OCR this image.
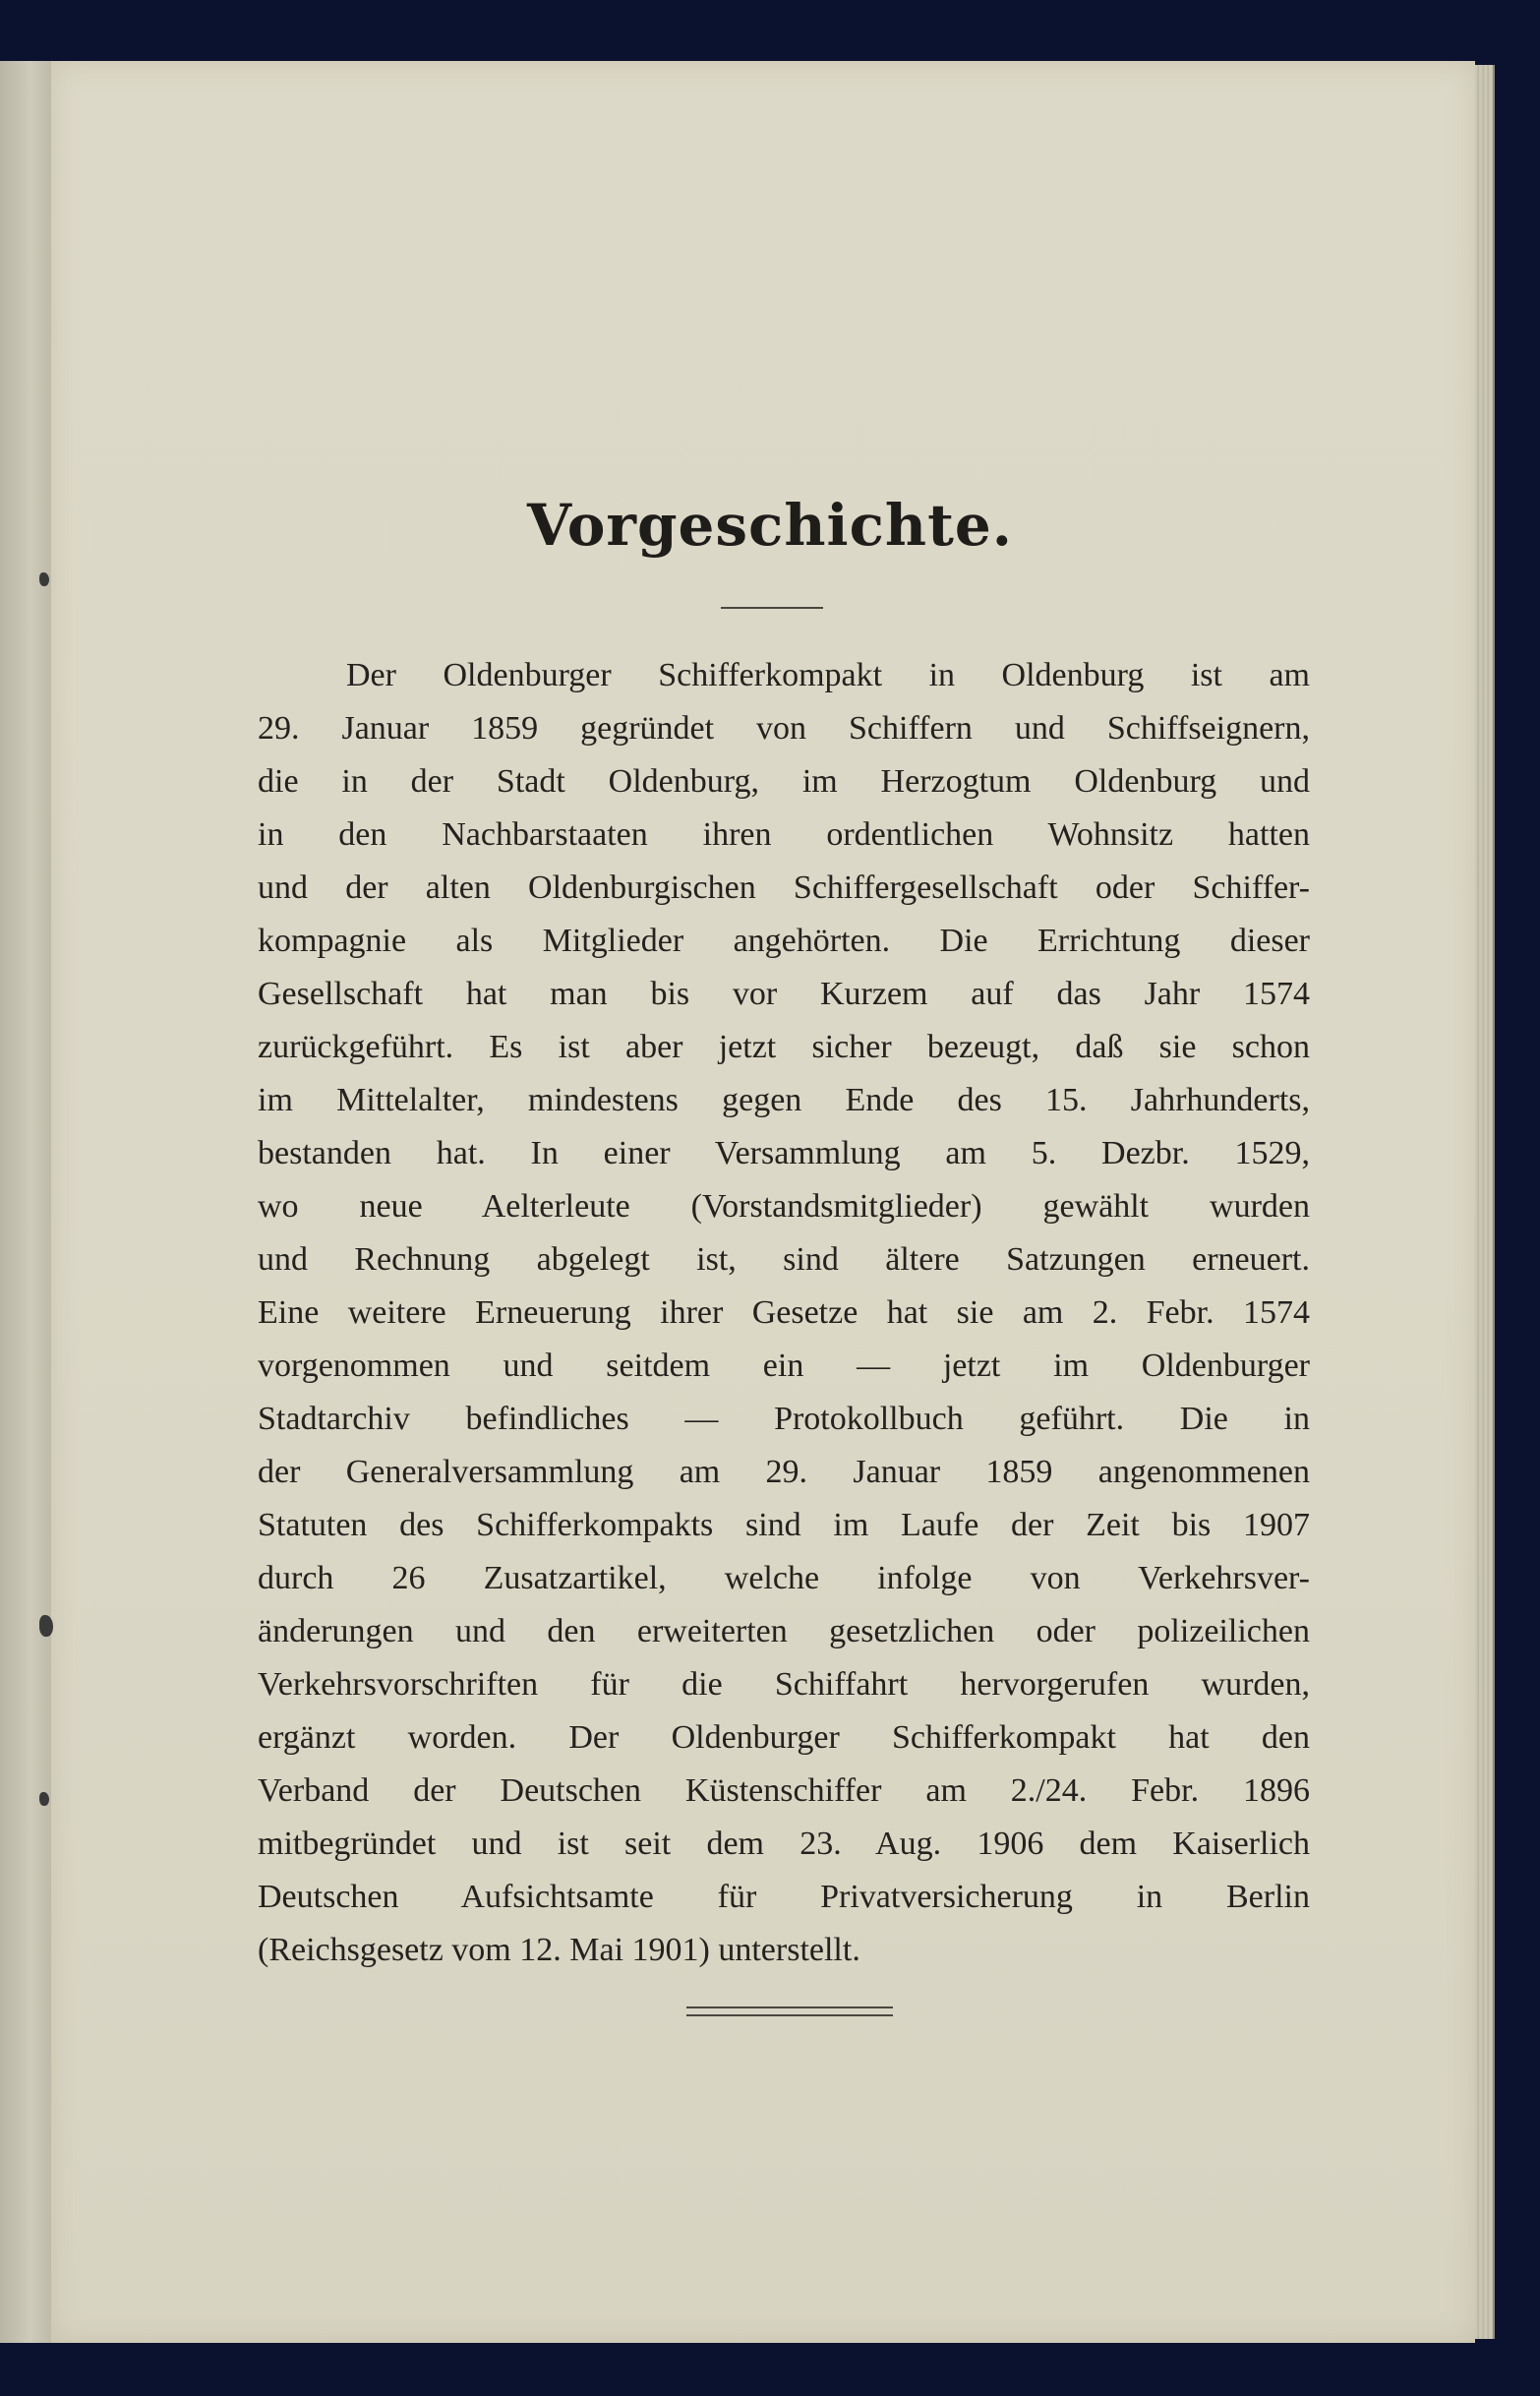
Vorgeschichte.
Der Oldenburger Schifferkompakt in Oldenburg ist am
29. Januar 1859 gegründet von Schiffern und Schiffseignern,
die in der Stadt Oldenburg, im Herzogtum Oldenburg und
in den Nachbarstaaten ihren ordentlichen Wohnsitz hatten
und der alten Oldenburgischen Schiffergesellschaft oder Schiffer-
kompagnie als Mitglieder angehörten. Die Errichtung dieser
Gesellschaft hat man bis vor Kurzem auf das Jahr 1574
zurückgeführt. Es ist aber jetzt sicher bezeugt, daß sie schon
im Mittelalter, mindestens gegen Ende des 15. Jahrhunderts,
bestanden hat. In einer Versammlung am 5. Dezbr. 1529,
wo neue Aelterleute (Vorstandsmitglieder) gewählt wurden
und Rechnung abgelegt ist, sind ältere Satzungen erneuert.
Eine weitere Erneuerung ihrer Gesetze hat sie am 2. Febr. 1574
vorgenommen und seitdem ein — jetzt im Oldenburger
Stadtarchiv befindliches — Protokollbuch geführt. Die in
der Generalversammlung am 29. Januar 1859 angenommenen
Statuten des Schifferkompakts sind im Laufe der Zeit bis 1907
durch 26 Zusatzartikel, welche infolge von Verkehrsver-
änderungen und den erweiterten gesetzlichen oder polizeilichen
Verkehrsvorschriften für die Schiffahrt hervorgerufen wurden,
ergänzt worden. Der Oldenburger Schifferkompakt hat den
Verband der Deutschen Küstenschiffer am 2./24. Febr. 1896
mitbegründet und ist seit dem 23. Aug. 1906 dem Kaiserlich
Deutschen Aufsichtsamte für Privatversicherung in Berlin
(Reichsgesetz vom 12. Mai 1901) unterstellt.
